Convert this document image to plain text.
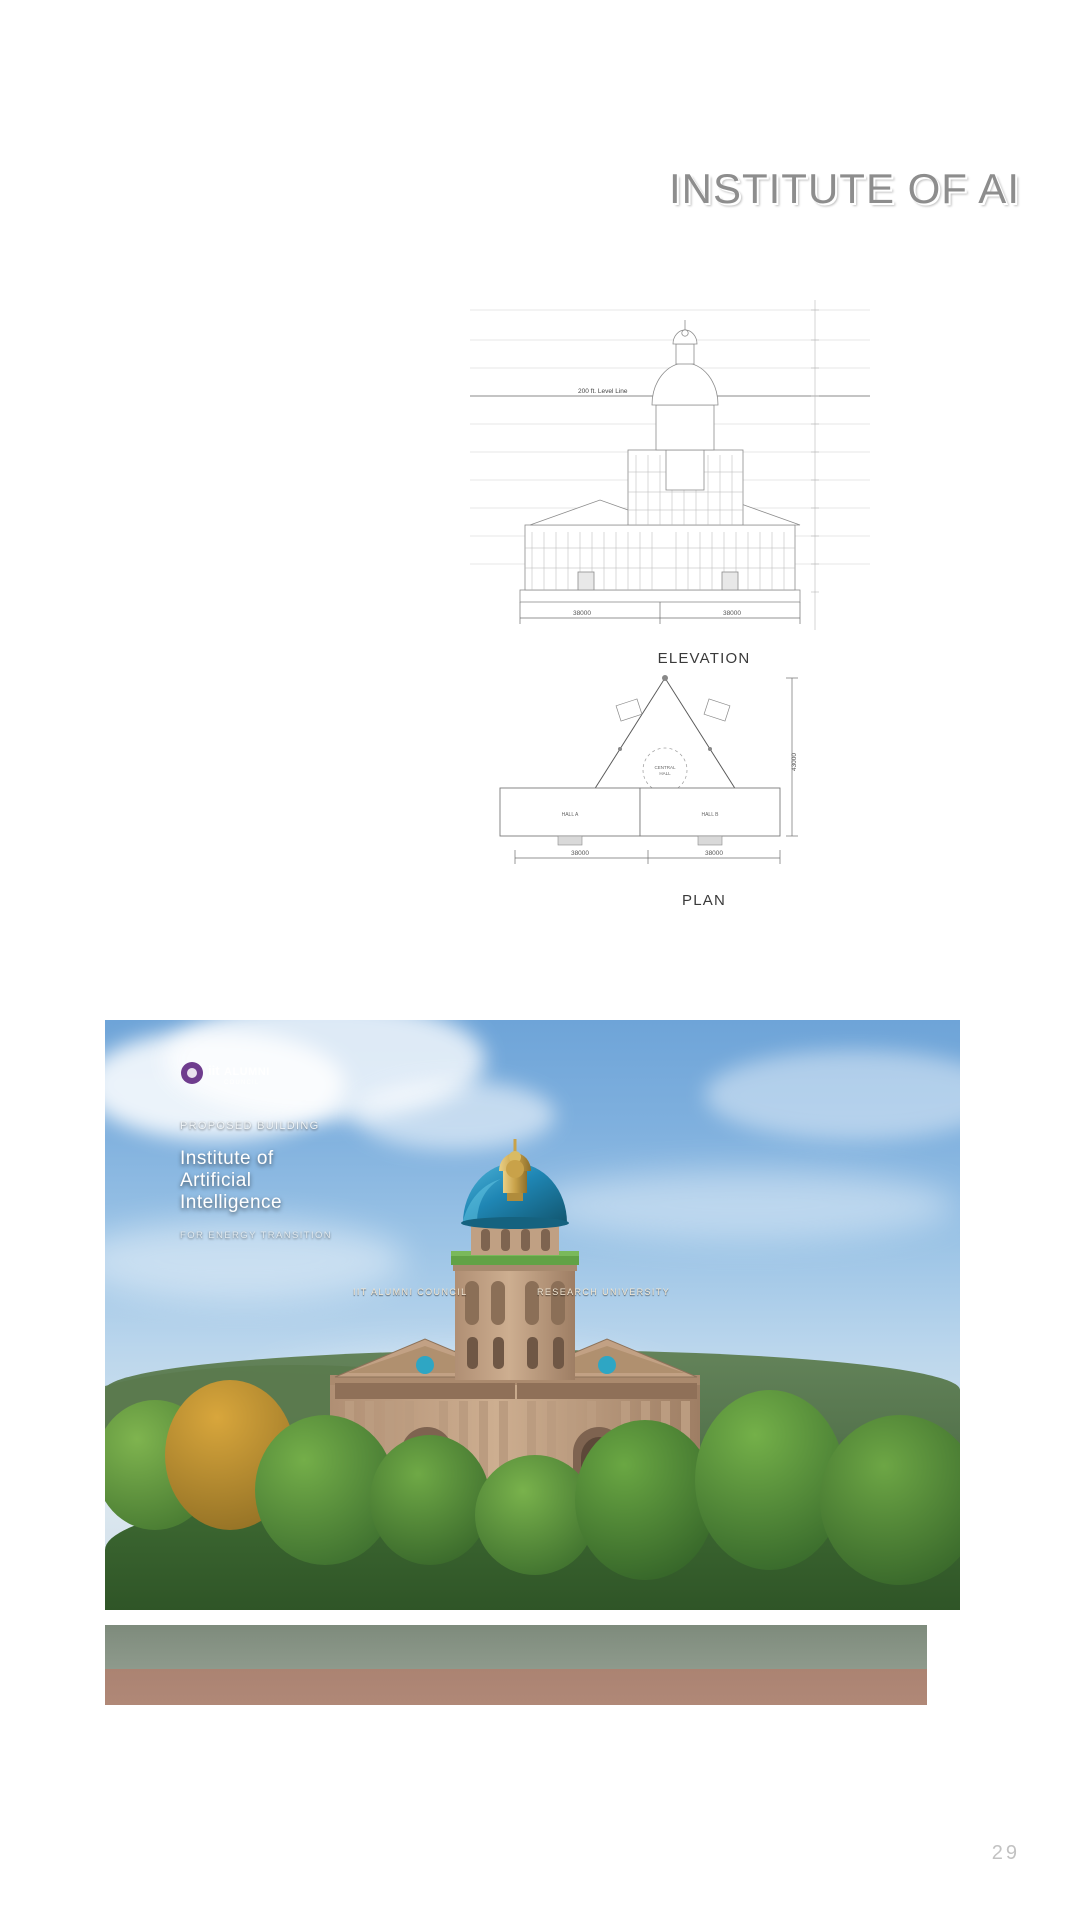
INSTITUTE OF AI
38000	38000
200 ft. Level Line
CENTRAL
HALL
HALL A	HALL B
38000	38000
43000
ELEVATION
PLAN
IIT ALUMNI COUNCIL	RESEARCH UNIVERSITY
iit ALUMNI
COUNCIL
PROPOSED BUILDING
Institute of
Artificial
Intelligence
FOR ENERGY TRANSITION
29
